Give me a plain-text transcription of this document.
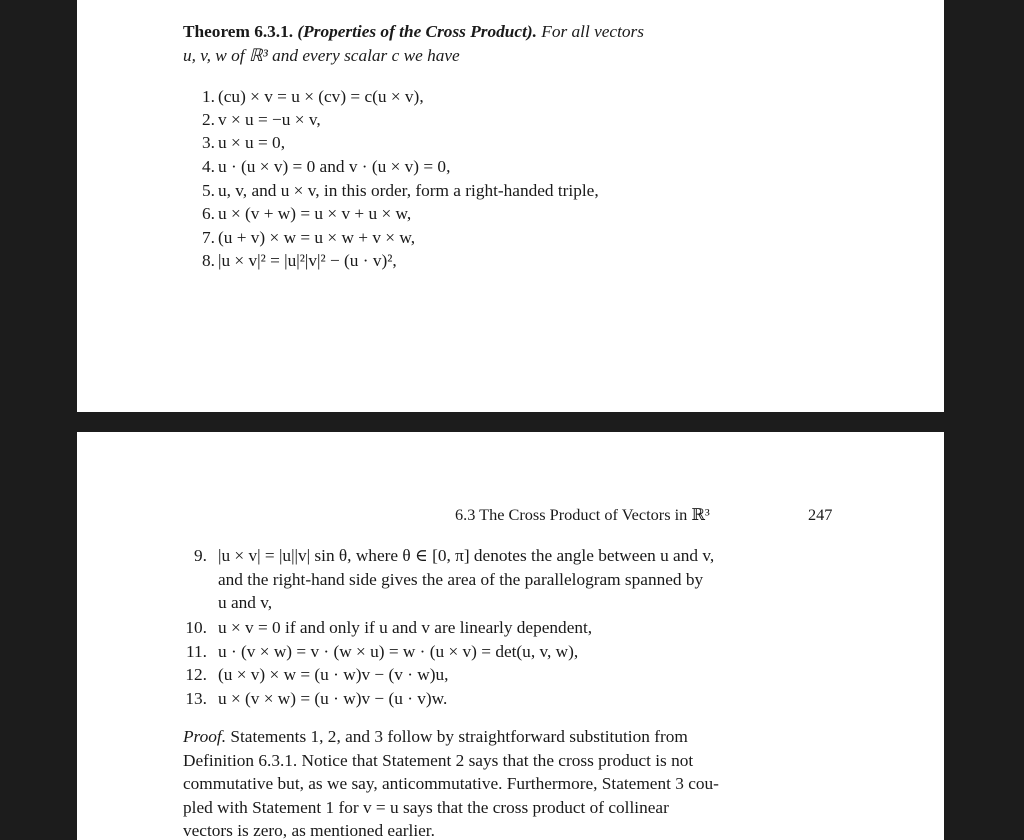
Theorem 6.3.1. (Properties of the Cross Product). For all vectors
u, v, w of ℝ³ and every scalar c we have
1. (cu) × v = u × (cv) = c(u × v),
2. v × u = −u × v,
3. u × u = 0,
4. u · (u × v) = 0 and v · (u × v) = 0,
5. u, v, and u × v, in this order, form a right-handed triple,
6. u × (v + w) = u × v + u × w,
7. (u + v) × w = u × w + v × w,
8. |u × v|² = |u|²|v|² − (u · v)²,
6.3 The Cross Product of Vectors in ℝ³	247
9. |u × v| = |u||v| sin θ, where θ ∈ [0, π] denotes the angle between u and v,
and the right-hand side gives the area of the parallelogram spanned by
u and v,
10. u × v = 0 if and only if u and v are linearly dependent,
11. u · (v × w) = v · (w × u) = w · (u × v) = det(u, v, w),
12. (u × v) × w = (u · w)v − (v · w)u,
13. u × (v × w) = (u · w)v − (u · v)w.
Proof. Statements 1, 2, and 3 follow by straightforward substitution from
Definition 6.3.1. Notice that Statement 2 says that the cross product is not
commutative but, as we say, anticommutative. Furthermore, Statement 3 cou-
pled with Statement 1 for v = u says that the cross product of collinear
vectors is zero, as mentioned earlier.
